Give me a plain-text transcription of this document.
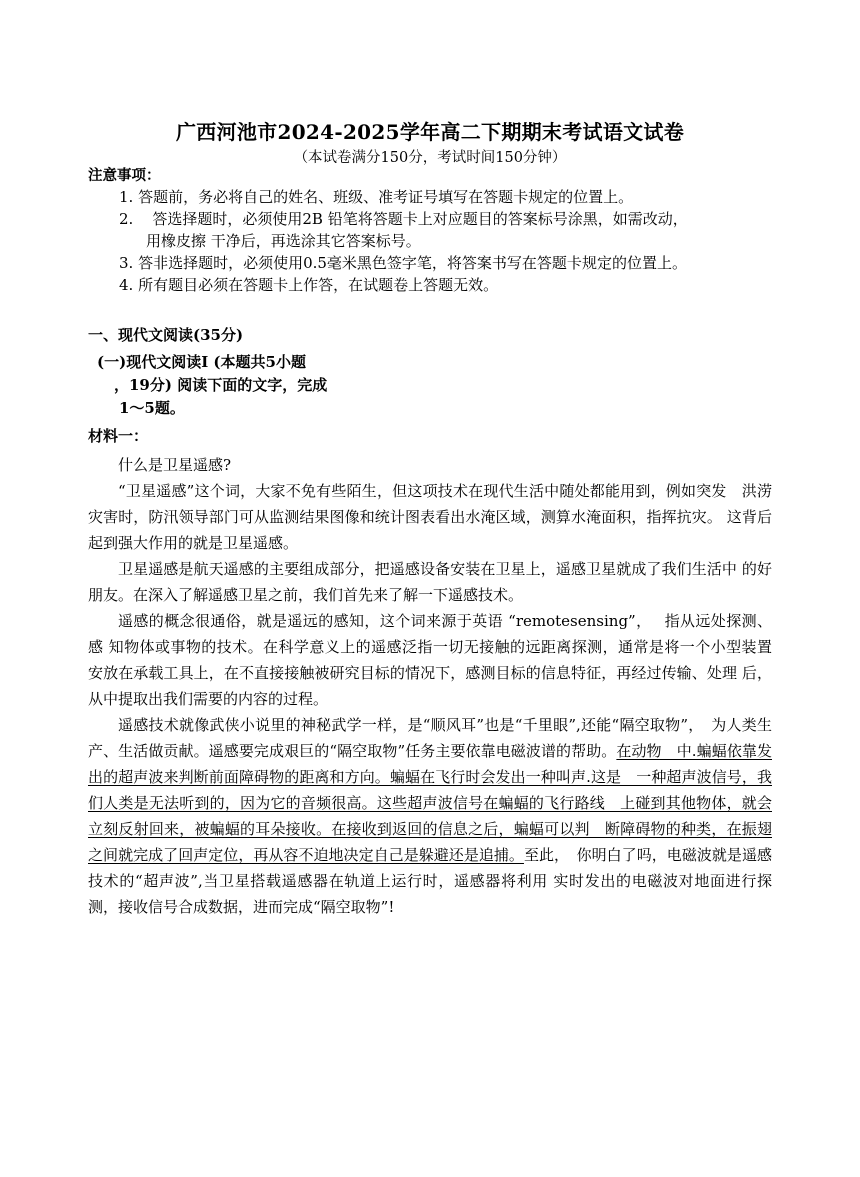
广西河池市2024-2025学年高二下期期末考试语文试卷
（本试卷满分150分，考试时间150分钟）
注意事项：
1. 答题前，务必将自己的姓名、班级、准考证号填写在答题卡规定的位置上。
2.    答选择题时，必须使用2B 铅笔将答题卡上对应题目的答案标号涂黑，如需改动，
用橡皮擦 干净后，再选涂其它答案标号。
3. 答非选择题时，必须使用0.5毫米黑色签字笔，将答案书写在答题卡规定的位置上。
4. 所有题目必须在答题卡上作答，在试题卷上答题无效。
一、现代文阅读(35分)
(一)现代文阅读I (本题共5小题
，19分) 阅读下面的文字，完成
1～5题。
材料一：

什么是卫星遥感?

“卫星遥感”这个词，大家不免有些陌生，但这项技术在现代生活中随处都能用到，例如突发　洪涝灾害时，防汛领导部门可从监测结果图像和统计图表看出水淹区域，测算水淹面积，指挥抗灾。 这背后起到强大作用的就是卫星遥感。

卫星遥感是航天遥感的主要组成部分，把遥感设备安装在卫星上，遥感卫星就成了我们生活中 的好朋友。在深入了解遥感卫星之前，我们首先来了解一下遥感技术。

遥感的概念很通俗，就是遥远的感知，这个词来源于英语 “remotesensing”，　 指从远处探测、感 知物体或事物的技术。在科学意义上的遥感泛指一切无接触的远距离探测，通常是将一个小型装置 安放在承载工具上，在不直接接触被研究目标的情况下，感测目标的信息特征，再经过传输、处理 后，从中提取出我们需要的内容的过程。

遥感技术就像武侠小说里的神秘武学一样，是“顺风耳”也是“千里眼”,还能“隔空取物”，　为人类生产、生活做贡献。遥感要完成艰巨的“隔空取物”任务主要依靠电磁波谱的帮助。在动物　中.蝙蝠依靠发出的超声波来判断前面障碍物的距离和方向。蝙蝠在飞行时会发出一种叫声.这是　一种超声波信号，我们人类是无法听到的，因为它的音频很高。这些超声波信号在蝙蝠的飞行路线　上碰到其他物体，就会立刻反射回来，被蝙蝠的耳朵接收。在接收到返回的信息之后，蝙蝠可以判　断障碍物的种类，在振翅之间就完成了回声定位，再从容不迫地决定自己是躲避还是追捕。至此，　你明白了吗，电磁波就是遥感技术的“超声波”,当卫星搭载遥感器在轨道上运行时，遥感器将利用 实时发出的电磁波对地面进行探测，接收信号合成数据，进而完成“隔空取物”!
